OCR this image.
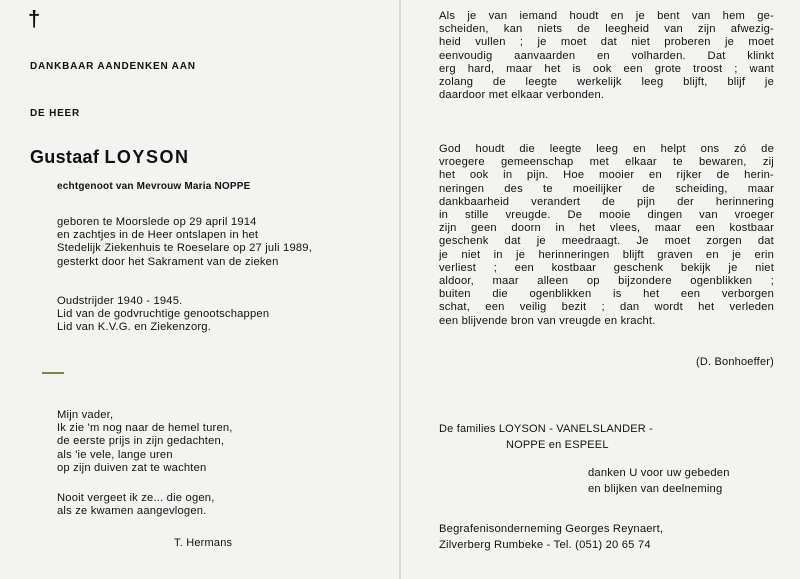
†
DANKBAAR AANDENKEN AAN
DE HEER
Gustaaf LOYSON
echtgenoot van Mevrouw Maria NOPPE
geboren te Moorslede op 29 april 1914
en zachtjes in de Heer ontslapen in het
Stedelijk Ziekenhuis te Roeselare op 27 juli 1989,
gesterkt door het Sakrament van de zieken
Oudstrijder 1940 - 1945.
Lid van de godvruchtige genootschappen
Lid van K.V.G. en Ziekenzorg.
Mijn vader,
Ik zie 'm nog naar de hemel turen,
de eerste prijs in zijn gedachten,
als 'ie vele, lange uren
op zijn duiven zat te wachten
Nooit vergeet ik ze... die ogen,
als ze kwamen aangevlogen.
T. Hermans
Als je van iemand houdt en je bent van hem ge-
scheiden, kan niets de leegheid van zijn afwezig-
heid vullen ; je moet dat niet proberen je moet
eenvoudig aanvaarden en volharden. Dat klinkt
erg hard, maar het is ook een grote troost ; want
zolang de leegte werkelijk leeg blijft, blijf je
daardoor met elkaar verbonden.
God houdt die leegte leeg en helpt ons zó de
vroegere gemeenschap met elkaar te bewaren, zij
het ook in pijn. Hoe mooier en rijker de herin-
neringen des te moeilijker de scheiding, maar
dankbaarheid verandert de pijn der herinnering
in stille vreugde. De mooie dingen van vroeger
zijn geen doorn in het vlees, maar een kostbaar
geschenk dat je meedraagt. Je moet zorgen dat
je niet in je herinneringen blijft graven en je erin
verliest ; een kostbaar geschenk bekijk je niet
aldoor, maar alleen op bijzondere ogenblikken ;
buiten die ogenblikken is het een verborgen
schat, een veilig bezit ; dan wordt het verleden
een blijvende bron van vreugde en kracht.
(D. Bonhoeffer)
De families LOYSON - VANELSLANDER -
NOPPE en ESPEEL
danken U voor uw gebeden
en blijken van deelneming
Begrafenisonderneming Georges Reynaert,
Zilverberg Rumbeke - Tel. (051) 20 65 74
